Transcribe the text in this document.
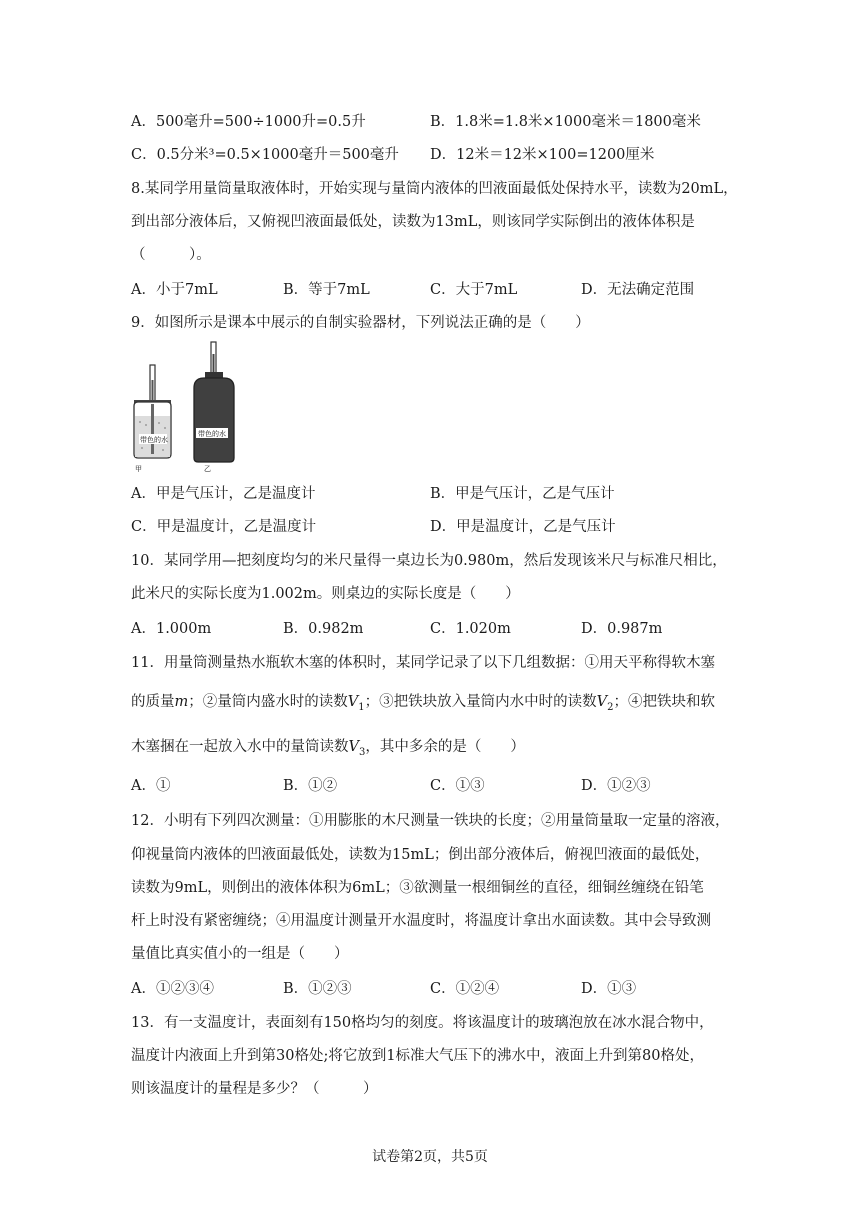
A．500毫升=500÷1000升=0.5升	B．1.8米=1.8米×1000毫米＝1800毫米
C．0.5分米³=0.5×1000毫升＝500毫升 D．12米＝12米×100=1200厘米
8.某同学用量筒量取液体时，开始实现与量筒内液体的凹液面最低处保持水平，读数为20mL，
到出部分液体后，又俯视凹液面最低处，读数为13mL，则该同学实际倒出的液体体积是
（　　　）。
A．小于7mL	B．等于7mL	C．大于7mL	D．无法确定范围
9．如图所示是课本中展示的自制实验器材，下列说法正确的是（　　）
带色的水
甲
带色的水
乙
A．甲是气压计，乙是温度计	B．甲是气压计，乙是气压计
C．甲是温度计，乙是温度计	D．甲是温度计，乙是气压计
10．某同学用—把刻度均匀的米尺量得一桌边长为0.980m，然后发现该米尺与标准尺相比，
此米尺的实际长度为1.002m。则桌边的实际长度是（　　）
A．1.000m	B．0.982m	C．1.020m	D．0.987m
11．用量筒测量热水瓶软木塞的体积时，某同学记录了以下几组数据：①用天平称得软木塞
的质量m；②量筒内盛水时的读数$V_1$；③把铁块放入量筒内水中时的读数$V_2$；④把铁块和软
木塞捆在一起放入水中的量筒读数$V_3$，其中多余的是（　　）
A．①	B．①②	C．①③	D．①②③
12．小明有下列四次测量：①用膨胀的木尺测量一铁块的长度；②用量筒量取一定量的溶液，
仰视量筒内液体的凹液面最低处，读数为15mL；倒出部分液体后，俯视凹液面的最低处，
读数为9mL，则倒出的液体体积为6mL；③欲测量一根细铜丝的直径，细铜丝缠绕在铅笔
杆上时没有紧密缠绕；④用温度计测量开水温度时，将温度计拿出水面读数。其中会导致测
量值比真实值小的一组是（　　）
A．①②③④	B．①②③	C．①②④	D．①③
13．有一支温度计，表面刻有150格均匀的刻度。将该温度计的玻璃泡放在冰水混合物中，
温度计内液面上升到第30格处;将它放到1标准大气压下的沸水中，液面上升到第80格处，
则该温度计的量程是多少？（　　　）
试卷第2页，共5页
